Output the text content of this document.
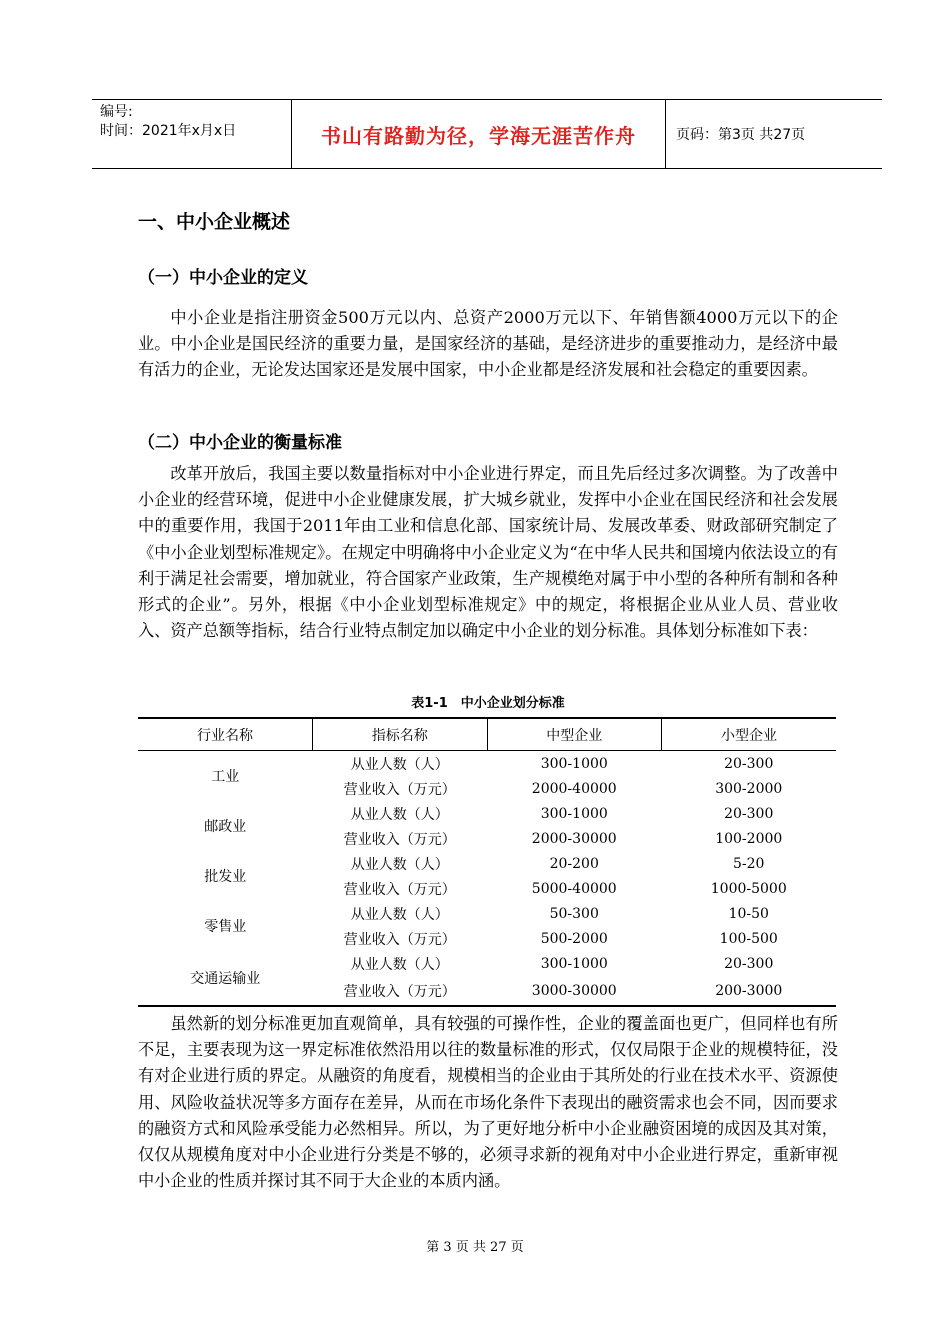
编号:
时间：2021年x月x日	书山有路勤为径，学海无涯苦作舟	页码：第3页 共27页
一、中小企业概述
（一）中小企业的定义

中小企业是指注册资金500万元以内、总资产2000万元以下、年销售额4000万元以下的企业。中小企业是国民经济的重要力量，是国家经济的基础，是经济进步的重要推动力，是经济中最有活力的企业，无论发达国家还是发展中国家，中小企业都是经济发展和社会稳定的重要因素。

（二）中小企业的衡量标准

改革开放后，我国主要以数量指标对中小企业进行界定，而且先后经过多次调整。为了改善中小企业的经营环境，促进中小企业健康发展，扩大城乡就业，发挥中小企业在国民经济和社会发展中的重要作用，我国于2011年由工业和信息化部、国家统计局、发展改革委、财政部研究制定了《中小企业划型标准规定》。在规定中明确将中小企业定义为“在中华人民共和国境内依法设立的有利于满足社会需要，增加就业，符合国家产业政策，生产规模绝对属于中小型的各种所有制和各种形式的企业”。另外，根据《中小企业划型标准规定》中的规定，将根据企业从业人员、营业收入、资产总额等指标，结合行业特点制定加以确定中小企业的划分标准。具体划分标准如下表：

表1-1　中小企业划分标准
行业名称	指标名称	中型企业	小型企业
工业	从业人数（人）	300-1000	20-300
	营业收入（万元）	2000-40000	300-2000
邮政业	从业人数（人）	300-1000	20-300
	营业收入（万元）	2000-30000	100-2000
批发业	从业人数（人）	20-200	5-20
	营业收入（万元）	5000-40000	1000-5000
零售业	从业人数（人）	50-300	10-50
	营业收入（万元）	500-2000	100-500
交通运输业	从业人数（人）	300-1000	20-300
	营业收入（万元）	3000-30000	200-3000

虽然新的划分标准更加直观简单，具有较强的可操作性，企业的覆盖面也更广，但同样也有所不足，主要表现为这一界定标准依然沿用以往的数量标准的形式，仅仅局限于企业的规模特征，没有对企业进行质的界定。从融资的角度看，规模相当的企业由于其所处的行业在技术水平、资源使用、风险收益状况等多方面存在差异，从而在市场化条件下表现出的融资需求也会不同，因而要求的融资方式和风险承受能力必然相异。所以，为了更好地分析中小企业融资困境的成因及其对策，仅仅从规模角度对中小企业进行分类是不够的，必须寻求新的视角对中小企业进行界定，重新审视中小企业的性质并探讨其不同于大企业的本质内涵。

第 3 页 共 27 页
